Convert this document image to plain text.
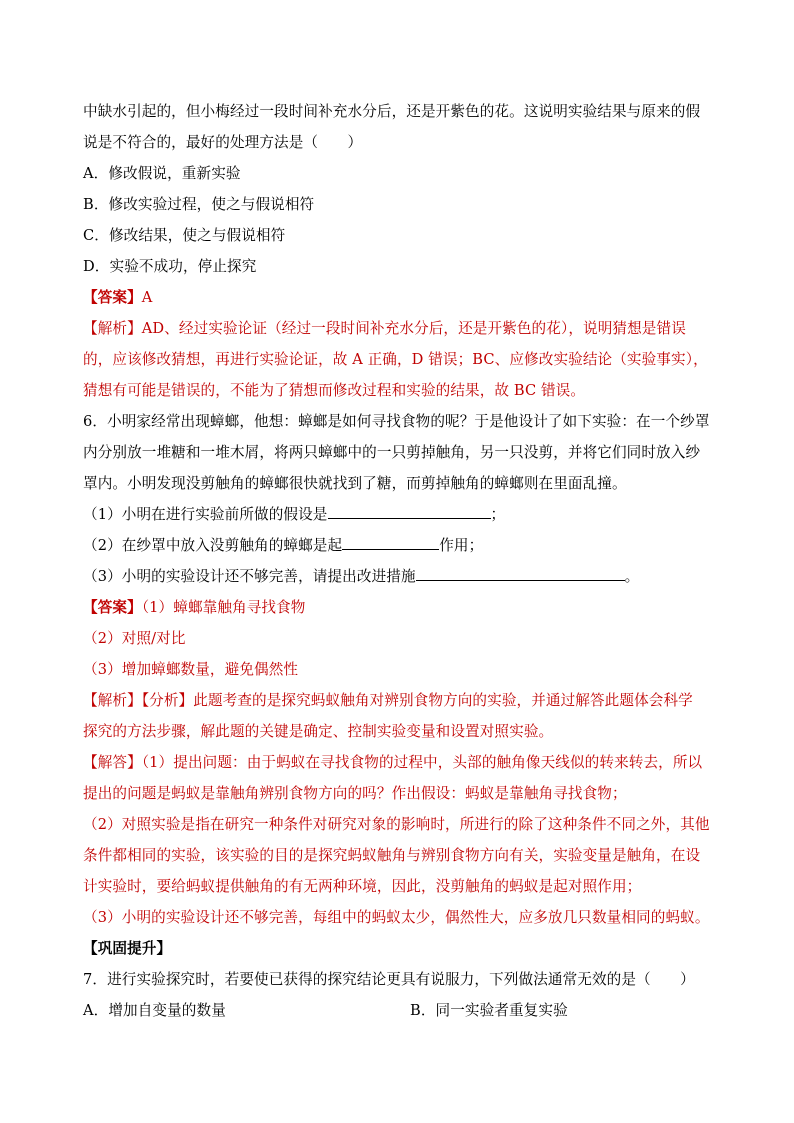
中缺水引起的，但小梅经过一段时间补充水分后，还是开紫色的花。这说明实验结果与原来的假
说是不符合的，最好的处理方法是（　　）
A．修改假说，重新实验
B．修改实验过程，使之与假说相符
C．修改结果，使之与假说相符
D．实验不成功，停止探究
【答案】A
【解析】AD、经过实验论证（经过一段时间补充水分后，还是开紫色的花），说明猜想是错误
的，应该修改猜想，再进行实验论证，故 A 正确，D 错误；BC、应修改实验结论（实验事实），
猜想有可能是错误的，不能为了猜想而修改过程和实验的结果，故 BC 错误。
6．小明家经常出现蟑螂，他想：蟑螂是如何寻找食物的呢？于是他设计了如下实验：在一个纱罩
内分别放一堆糖和一堆木屑，将两只蟑螂中的一只剪掉触角，另一只没剪，并将它们同时放入纱
罩内。小明发现没剪触角的蟑螂很快就找到了糖，而剪掉触角的蟑螂则在里面乱撞。
（1）小明在进行实验前所做的假设是	；
（2）在纱罩中放入没剪触角的蟑螂是起	作用；
（3）小明的实验设计还不够完善，请提出改进措施	。
【答案】（1）蟑螂靠触角寻找食物
（2）对照/对比
（3）增加蟑螂数量，避免偶然性
【解析】【分析】此题考查的是探究蚂蚁触角对辨别食物方向的实验，并通过解答此题体会科学
探究的方法步骤，解此题的关键是确定、控制实验变量和设置对照实验。
【解答】（1）提出问题：由于蚂蚁在寻找食物的过程中，头部的触角像天线似的转来转去，所以
提出的问题是蚂蚁是靠触角辨别食物方向的吗？作出假设：蚂蚁是靠触角寻找食物；
（2）对照实验是指在研究一种条件对研究对象的影响时，所进行的除了这种条件不同之外，其他
条件都相同的实验，该实验的目的是探究蚂蚁触角与辨别食物方向有关，实验变量是触角，在设
计实验时，要给蚂蚁提供触角的有无两种环境，因此，没剪触角的蚂蚁是起对照作用；
（3）小明的实验设计还不够完善，每组中的蚂蚁太少，偶然性大，应多放几只数量相同的蚂蚁。
【巩固提升】
7．进行实验探究时，若要使已获得的探究结论更具有说服力，下列做法通常无效的是（　　）
A．增加自变量的数量	B．同一实验者重复实验
